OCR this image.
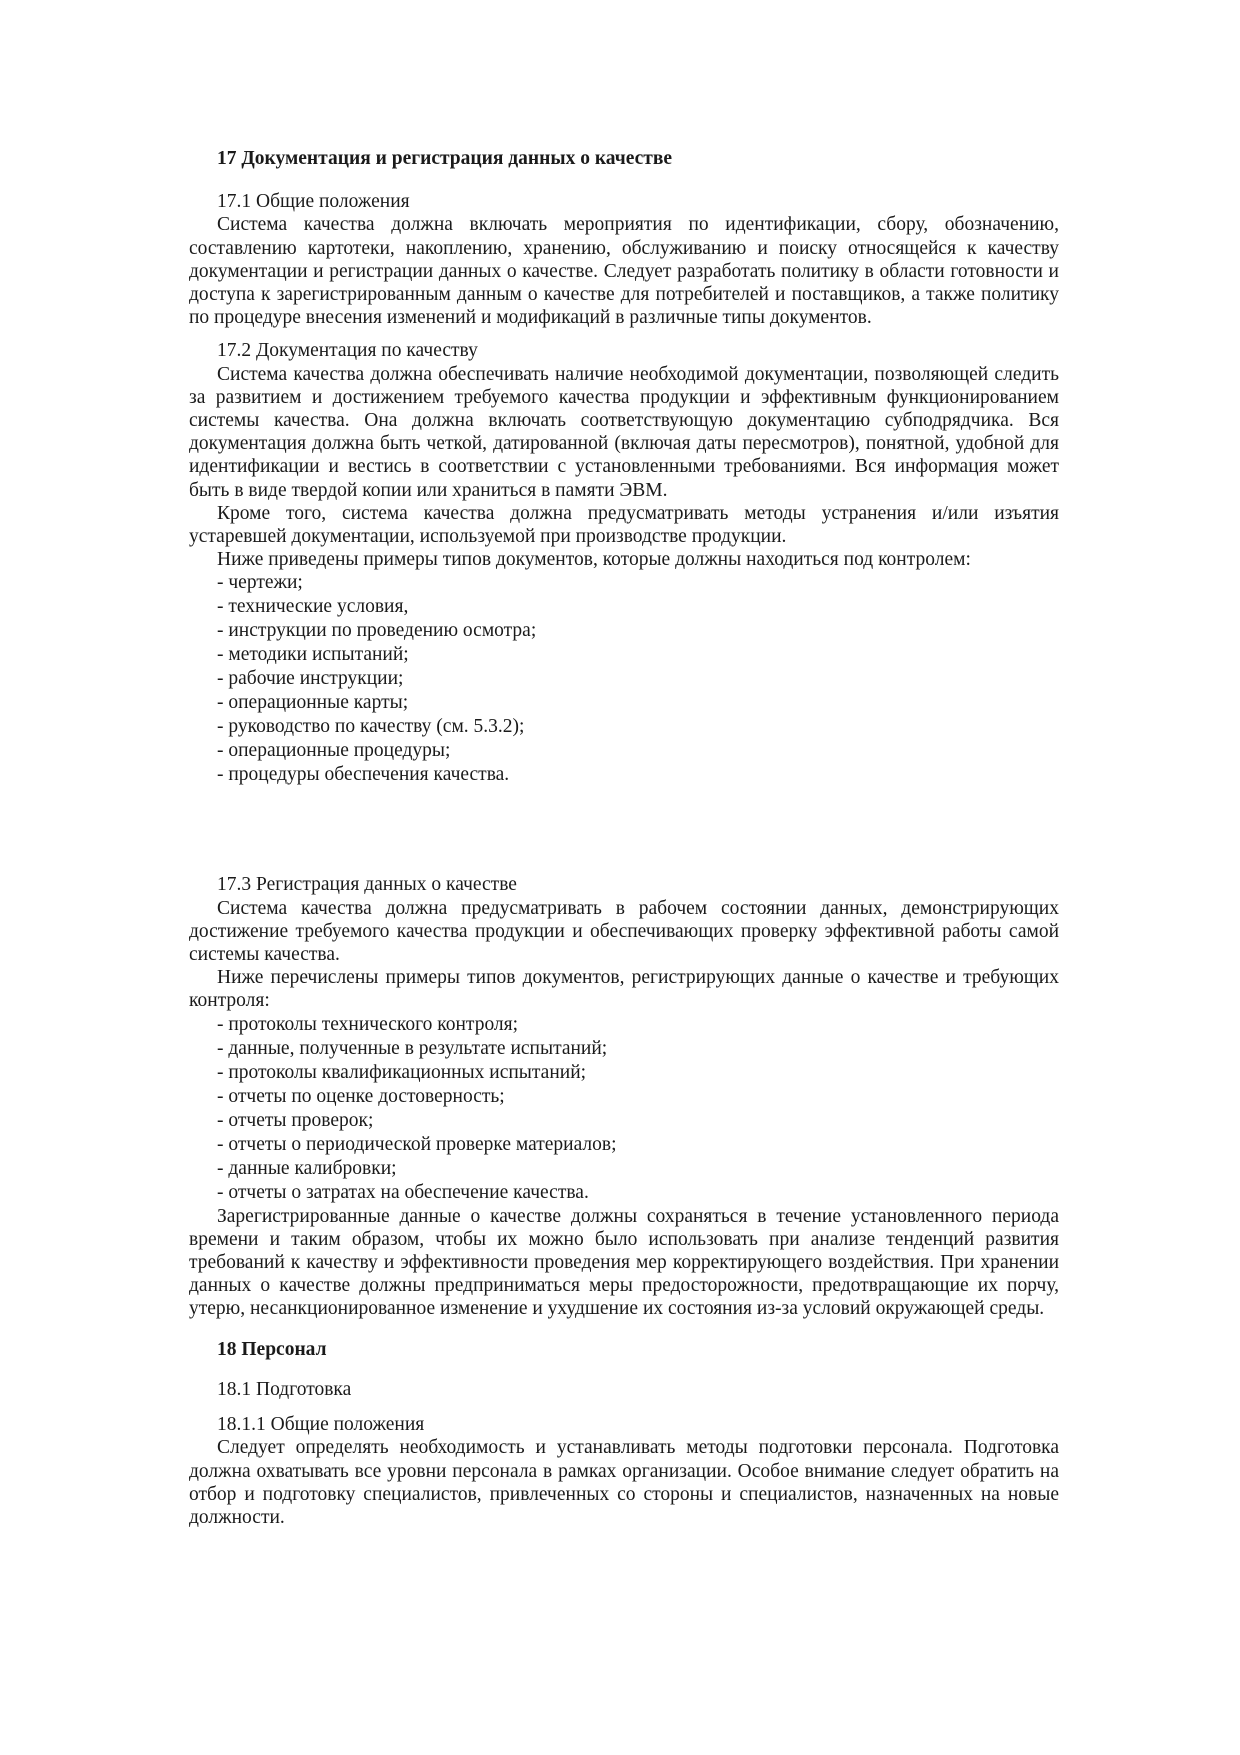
17 Документация и регистрация данных о качестве

17.1 Общие положения

Система качества должна включать мероприятия по идентификации, сбору, обозначению, составлению картотеки, накоплению, хранению, обслуживанию и поиску относящейся к качеству документации и регистрации данных о качестве. Следует разработать политику в области готовности и доступа к зарегистрированным данным о качестве для потребителей и поставщиков, а также политику по процедуре внесения изменений и модификаций в различные типы документов.

17.2 Документация по качеству

Система качества должна обеспечивать наличие необходимой документации, позволяющей следить за развитием и достижением требуемого качества продукции и эффективным функционированием системы качества. Она должна включать соответствующую документацию субподрядчика. Вся документация должна быть четкой, датированной (включая даты пересмотров), понятной, удобной для идентификации и вестись в соответствии с установленными требованиями. Вся информация может быть в виде твердой копии или храниться в памяти ЭВМ.

Кроме того, система качества должна предусматривать методы устранения и/или изъятия устаревшей документации, используемой при производстве продукции.

Ниже приведены примеры типов документов, которые должны находиться под контролем:

- чертежи;
- технические условия,
- инструкции по проведению осмотра;
- методики испытаний;
- рабочие инструкции;
- операционные карты;
- руководство по качеству (см. 5.3.2);
- операционные процедуры;
- процедуры обеспечения качества.

17.3 Регистрация данных о качестве

Система качества должна предусматривать в рабочем состоянии данных, демонстрирующих достижение требуемого качества продукции и обеспечивающих проверку эффективной работы самой системы качества.

Ниже перечислены примеры типов документов, регистрирующих данные о качестве и требующих контроля:

- протоколы технического контроля;
- данные, полученные в результате испытаний;
- протоколы квалификационных испытаний;
- отчеты по оценке достоверность;
- отчеты проверок;
- отчеты о периодической проверке материалов;
- данные калибровки;
- отчеты о затратах на обеспечение качества.

Зарегистрированные данные о качестве должны сохраняться в течение установленного периода времени и таким образом, чтобы их можно было использовать при анализе тенденций развития требований к качеству и эффективности проведения мер корректирующего воздействия. При хранении данных о качестве должны предприниматься меры предосторожности, предотвращающие их порчу, утерю, несанкционированное изменение и ухудшение их состояния из-за условий окружающей среды.

18 Персонал

18.1 Подготовка

18.1.1 Общие положения

Следует определять необходимость и устанавливать методы подготовки персонала. Подготовка должна охватывать все уровни персонала в рамках организации. Особое внимание следует обратить на отбор и подготовку специалистов, привлеченных со стороны и специалистов, назначенных на новые должности.
